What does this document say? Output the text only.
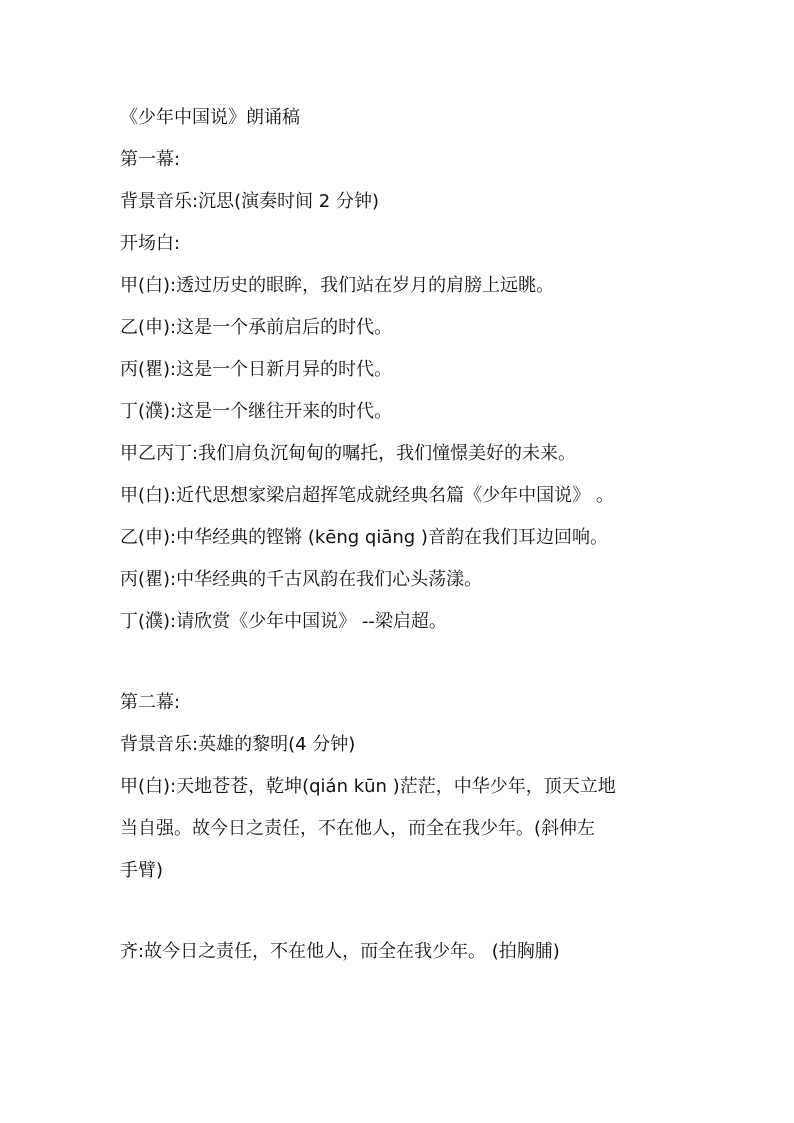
《少年中国说》朗诵稿
第一幕:
背景音乐:沉思(演奏时间 2 分钟)
开场白:
甲(白):透过历史的眼眸，我们站在岁月的肩膀上远眺。
乙(申):这是一个承前启后的时代。
丙(瞿):这是一个日新月异的时代。
丁(濮):这是一个继往开来的时代。
甲乙丙丁:我们肩负沉甸甸的嘱托，我们憧憬美好的未来。
甲(白):近代思想家梁启超挥笔成就经典名篇《少年中国说》 。
乙(申):中华经典的铿锵 (kēng qiāng )音韵在我们耳边回响。
丙(瞿):中华经典的千古风韵在我们心头荡漾。
丁(濮):请欣赏《少年中国说》 --梁启超。
第二幕:
背景音乐:英雄的黎明(4 分钟)
甲(白):天地苍苍，乾坤(qián kūn )茫茫，中华少年，顶天立地
当自强。故今日之责任，不在他人，而全在我少年。(斜伸左
手臂)
齐:故今日之责任，不在他人，而全在我少年。 (拍胸脯)
